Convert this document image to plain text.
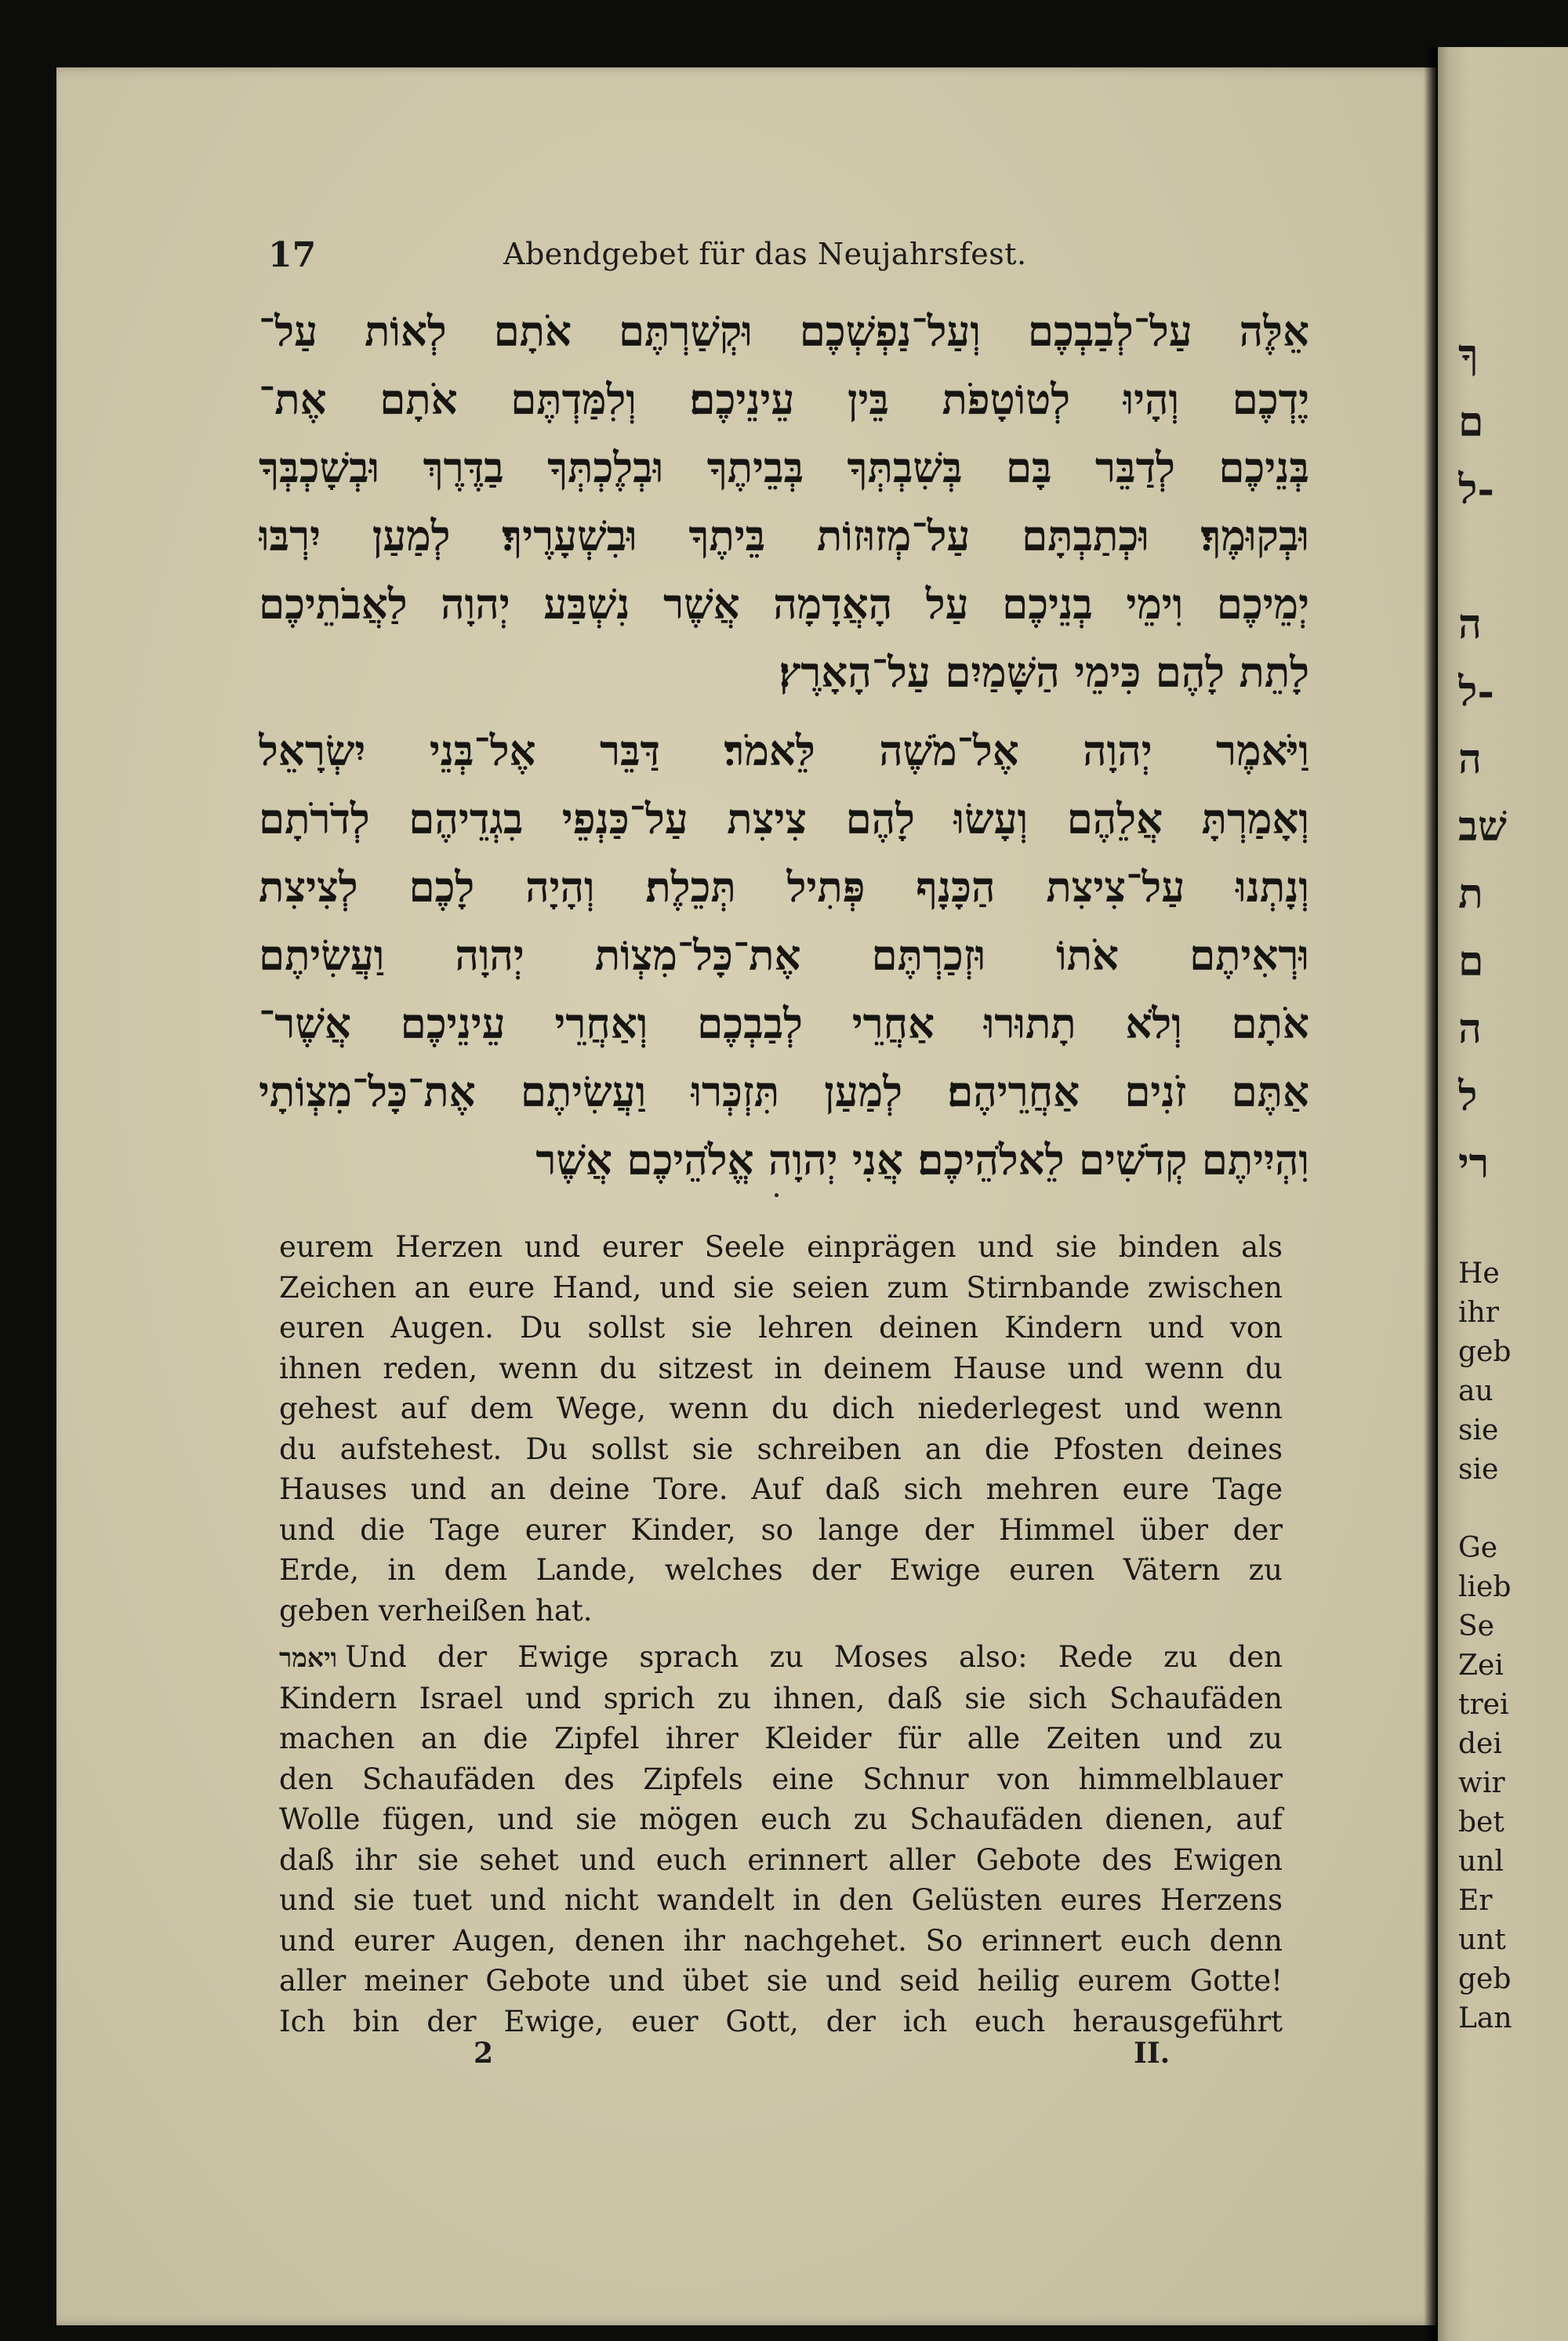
17	Abendgebet für das Neujahrsfest.
אֵלֶּה עַל־לְבַבְכֶם וְעַל־נַפְשְׁכֶם וּקְשַׁרְתֶּם אֹתָם לְאוֹת עַל־
יֶדְכֶם וְהָיוּ לְטוֹטָפֹת בֵּין עֵינֵיכֶם׃ וְלִמַּדְתֶּם אֹתָם אֶת־
בְּנֵיכֶם לְדַבֵּר בָּם בְּשִׁבְתְּךָ בְּבֵיתֶךָ וּבְלֶכְתְּךָ בַדֶּרֶךְ וּבְשָׁכְבְּךָ
וּבְקוּמֶךָ׃ וּכְתַבְתָּם עַל־מְזוּזוֹת בֵּיתֶךָ וּבִשְׁעָרֶיךָ׃ לְמַעַן יִרְבּוּ
יְמֵיכֶם וִימֵי בְנֵיכֶם עַל הָאֲדָמָה אֲשֶׁר נִשְׁבַּע יְהוָה לַאֲבֹתֵיכֶם
לָתֵת לָהֶם כִּימֵי הַשָּׁמַיִם עַל־הָאָרֶץ׃
וַיֹּאמֶר יְהוָה אֶל־מֹשֶׁה לֵּאמֹר׃ דַּבֵּר אֶל־בְּנֵי יִשְׂרָאֵל
וְאָמַרְתָּ אֲלֵהֶם וְעָשׂוּ לָהֶם צִיצִת עַל־כַּנְפֵי בִגְדֵיהֶם לְדֹרֹתָם
וְנָתְנוּ עַל־צִיצִת הַכָּנָף פְּתִיל תְּכֵלֶת׃ וְהָיָה לָכֶם לְצִיצִת
וּרְאִיתֶם אֹתוֹ וּזְכַרְתֶּם אֶת־כָּל־מִצְוֹת יְהוָה וַעֲשִׂיתֶם
אֹתָם וְלֹא תָתוּרוּ אַחֲרֵי לְבַבְכֶם וְאַחֲרֵי עֵינֵיכֶם אֲשֶׁר־
אַתֶּם זֹנִים אַחֲרֵיהֶם׃ לְמַעַן תִּזְכְּרוּ וַעֲשִׂיתֶם אֶת־כָּל־מִצְוֹתָי
וִהְיִיתֶם קְדֹשִׁים לֵאלֹהֵיכֶם׃ אֲנִי יְהוָה אֱלֹהֵיכֶם אֲשֶׁר
eurem Herzen und eurer Seele einprägen und sie binden als
Zeichen an eure Hand, und sie seien zum Stirnbande zwischen
euren Augen. Du sollst sie lehren deinen Kindern und von
ihnen reden, wenn du sitzest in deinem Hause und wenn du
gehest auf dem Wege, wenn du dich niederlegest und wenn
du aufstehest. Du sollst sie schreiben an die Pfosten deines
Hauses und an deine Tore. Auf daß sich mehren eure Tage
und die Tage eurer Kinder, so lange der Himmel über der
Erde, in dem Lande, welches der Ewige euren Vätern zu
geben verheißen hat.
ויאמר Und der Ewige sprach zu Moses also: Rede zu den
Kindern Israel und sprich zu ihnen, daß sie sich Schaufäden
machen an die Zipfel ihrer Kleider für alle Zeiten und zu
den Schaufäden des Zipfels eine Schnur von himmelblauer
Wolle fügen, und sie mögen euch zu Schaufäden dienen, auf
daß ihr sie sehet und euch erinnert aller Gebote des Ewigen
und sie tuet und nicht wandelt in den Gelüsten eures Herzens
und eurer Augen, denen ihr nachgehet. So erinnert euch denn
aller meiner Gebote und übet sie und seid heilig eurem Gotte!
Ich bin der Ewige, euer Gott, der ich euch herausgeführt
2	II.
ךָ
ם
-ל

ה
-ל
ה
שׁב
ת
ם
ה
ל
רי
He
ihr
geb
au
sie
sie

Ge
lieb
Se
Zei
trei
dei
wir
bet
unl
Er
unt
geb
Lan
